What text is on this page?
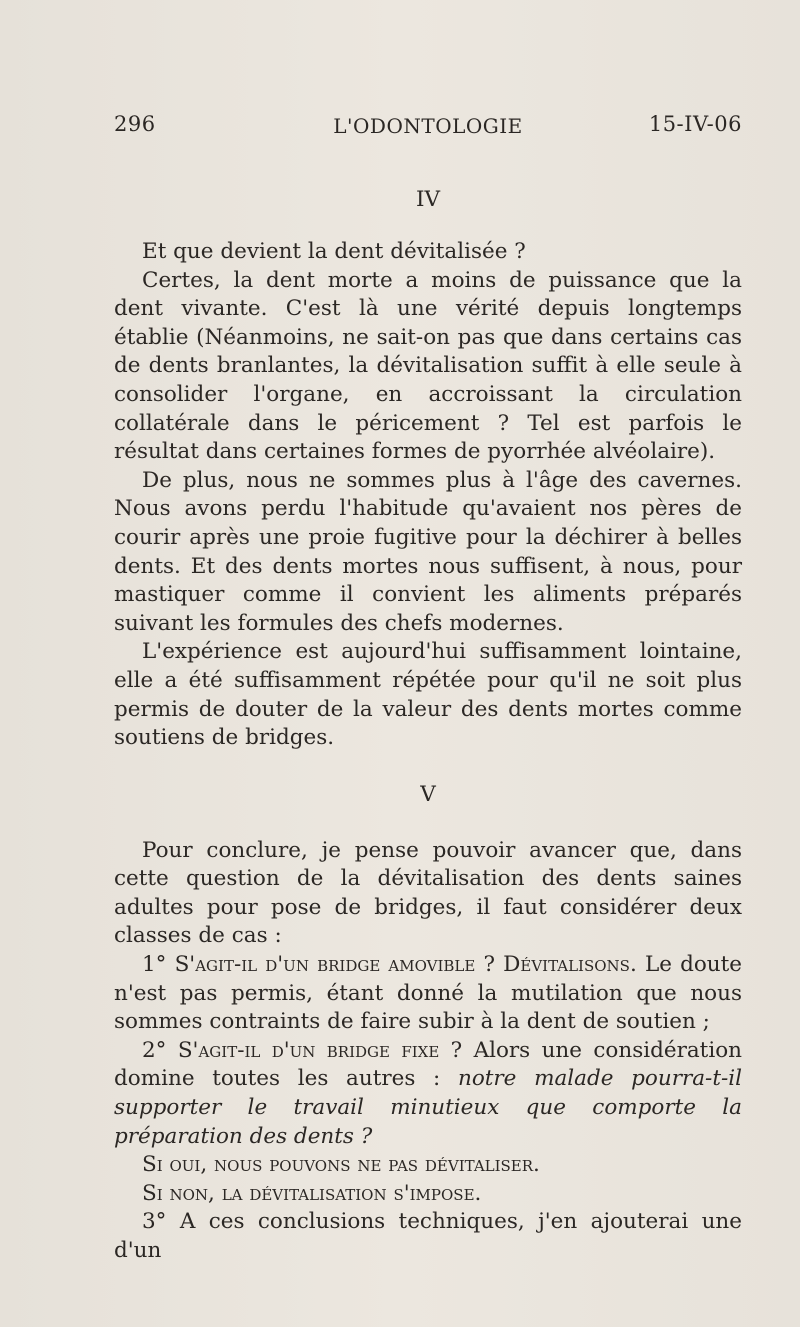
296	L'ODONTOLOGIE	15-IV-06

IV

Et que devient la dent dévitalisée ?

Certes, la dent morte a moins de puissance que la dent vivante. C'est là une vérité depuis longtemps établie (Néanmoins, ne sait-on pas que dans certains cas de dents branlantes, la dévitalisation suffit à elle seule à consolider l'organe, en accroissant la circulation collatérale dans le péricement ? Tel est parfois le résultat dans certaines formes de pyorrhée alvéolaire).

De plus, nous ne sommes plus à l'âge des cavernes. Nous avons perdu l'habitude qu'avaient nos pères de courir après une proie fugitive pour la déchirer à belles dents. Et des dents mortes nous suffisent, à nous, pour mastiquer comme il convient les aliments préparés suivant les formules des chefs modernes.

L'expérience est aujourd'hui suffisamment lointaine, elle a été suffisamment répétée pour qu'il ne soit plus permis de douter de la valeur des dents mortes comme soutiens de bridges.

V

Pour conclure, je pense pouvoir avancer que, dans cette question de la dévitalisation des dents saines adultes pour pose de bridges, il faut considérer deux classes de cas :

1° S'agit-il d'un bridge amovible ? Dévitalisons. Le doute n'est pas permis, étant donné la mutilation que nous sommes contraints de faire subir à la dent de soutien ;

2° S'agit-il d'un bridge fixe ? Alors une considération domine toutes les autres : notre malade pourra-t-il supporter le travail minutieux que comporte la préparation des dents ?

Si oui, nous pouvons ne pas dévitaliser.

Si non, la dévitalisation s'impose.

3° A ces conclusions techniques, j'en ajouterai une d'un
